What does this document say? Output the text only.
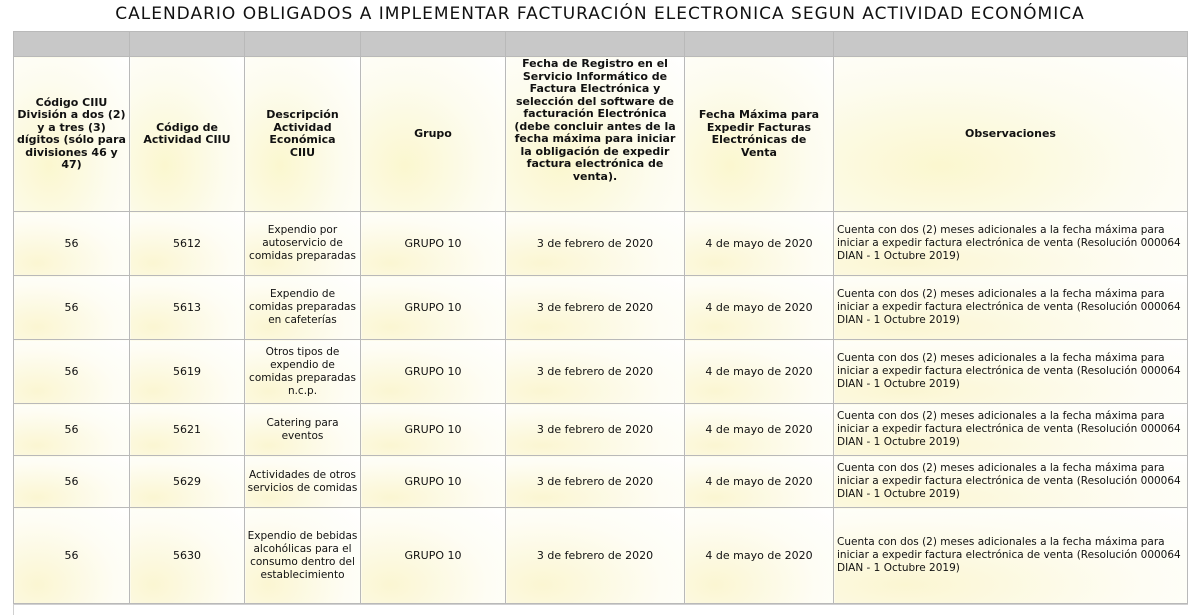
CALENDARIO OBLIGADOS A IMPLEMENTAR FACTURACIÓN ELECTRONICA SEGUN ACTIVIDAD ECONÓMICA

Código CIIU División a dos (2) y a tres (3) dígitos (sólo para divisiones 46 y 47)	Código de Actividad CIIU	Descripción Actividad Económica CIIU	Grupo	Fecha de Registro en el Servicio Informático de Factura Electrónica y selección del software de facturación Electrónica (debe concluir antes de la fecha máxima para iniciar la obligación de expedir factura electrónica de venta).	Fecha Máxima para Expedir Facturas Electrónicas de Venta	Observaciones
56	5612	Expendio por autoservicio de comidas preparadas	GRUPO 10	3 de febrero de 2020	4 de mayo de 2020	Cuenta con dos (2) meses adicionales a la fecha máxima para iniciar a expedir factura electrónica de venta (Resolución 000064 DIAN - 1 Octubre 2019)
56	5613	Expendio de comidas preparadas en cafeterías	GRUPO 10	3 de febrero de 2020	4 de mayo de 2020	Cuenta con dos (2) meses adicionales a la fecha máxima para iniciar a expedir factura electrónica de venta (Resolución 000064 DIAN - 1 Octubre 2019)
56	5619	Otros tipos de expendio de comidas preparadas n.c.p.	GRUPO 10	3 de febrero de 2020	4 de mayo de 2020	Cuenta con dos (2) meses adicionales a la fecha máxima para iniciar a expedir factura electrónica de venta (Resolución 000064 DIAN - 1 Octubre 2019)
56	5621	Catering para eventos	GRUPO 10	3 de febrero de 2020	4 de mayo de 2020	Cuenta con dos (2) meses adicionales a la fecha máxima para iniciar a expedir factura electrónica de venta (Resolución 000064 DIAN - 1 Octubre 2019)
56	5629	Actividades de otros servicios de comidas	GRUPO 10	3 de febrero de 2020	4 de mayo de 2020	Cuenta con dos (2) meses adicionales a la fecha máxima para iniciar a expedir factura electrónica de venta (Resolución 000064 DIAN - 1 Octubre 2019)
56	5630	Expendio de bebidas alcohólicas para el consumo dentro del establecimiento	GRUPO 10	3 de febrero de 2020	4 de mayo de 2020	Cuenta con dos (2) meses adicionales a la fecha máxima para iniciar a expedir factura electrónica de venta (Resolución 000064 DIAN - 1 Octubre 2019)
